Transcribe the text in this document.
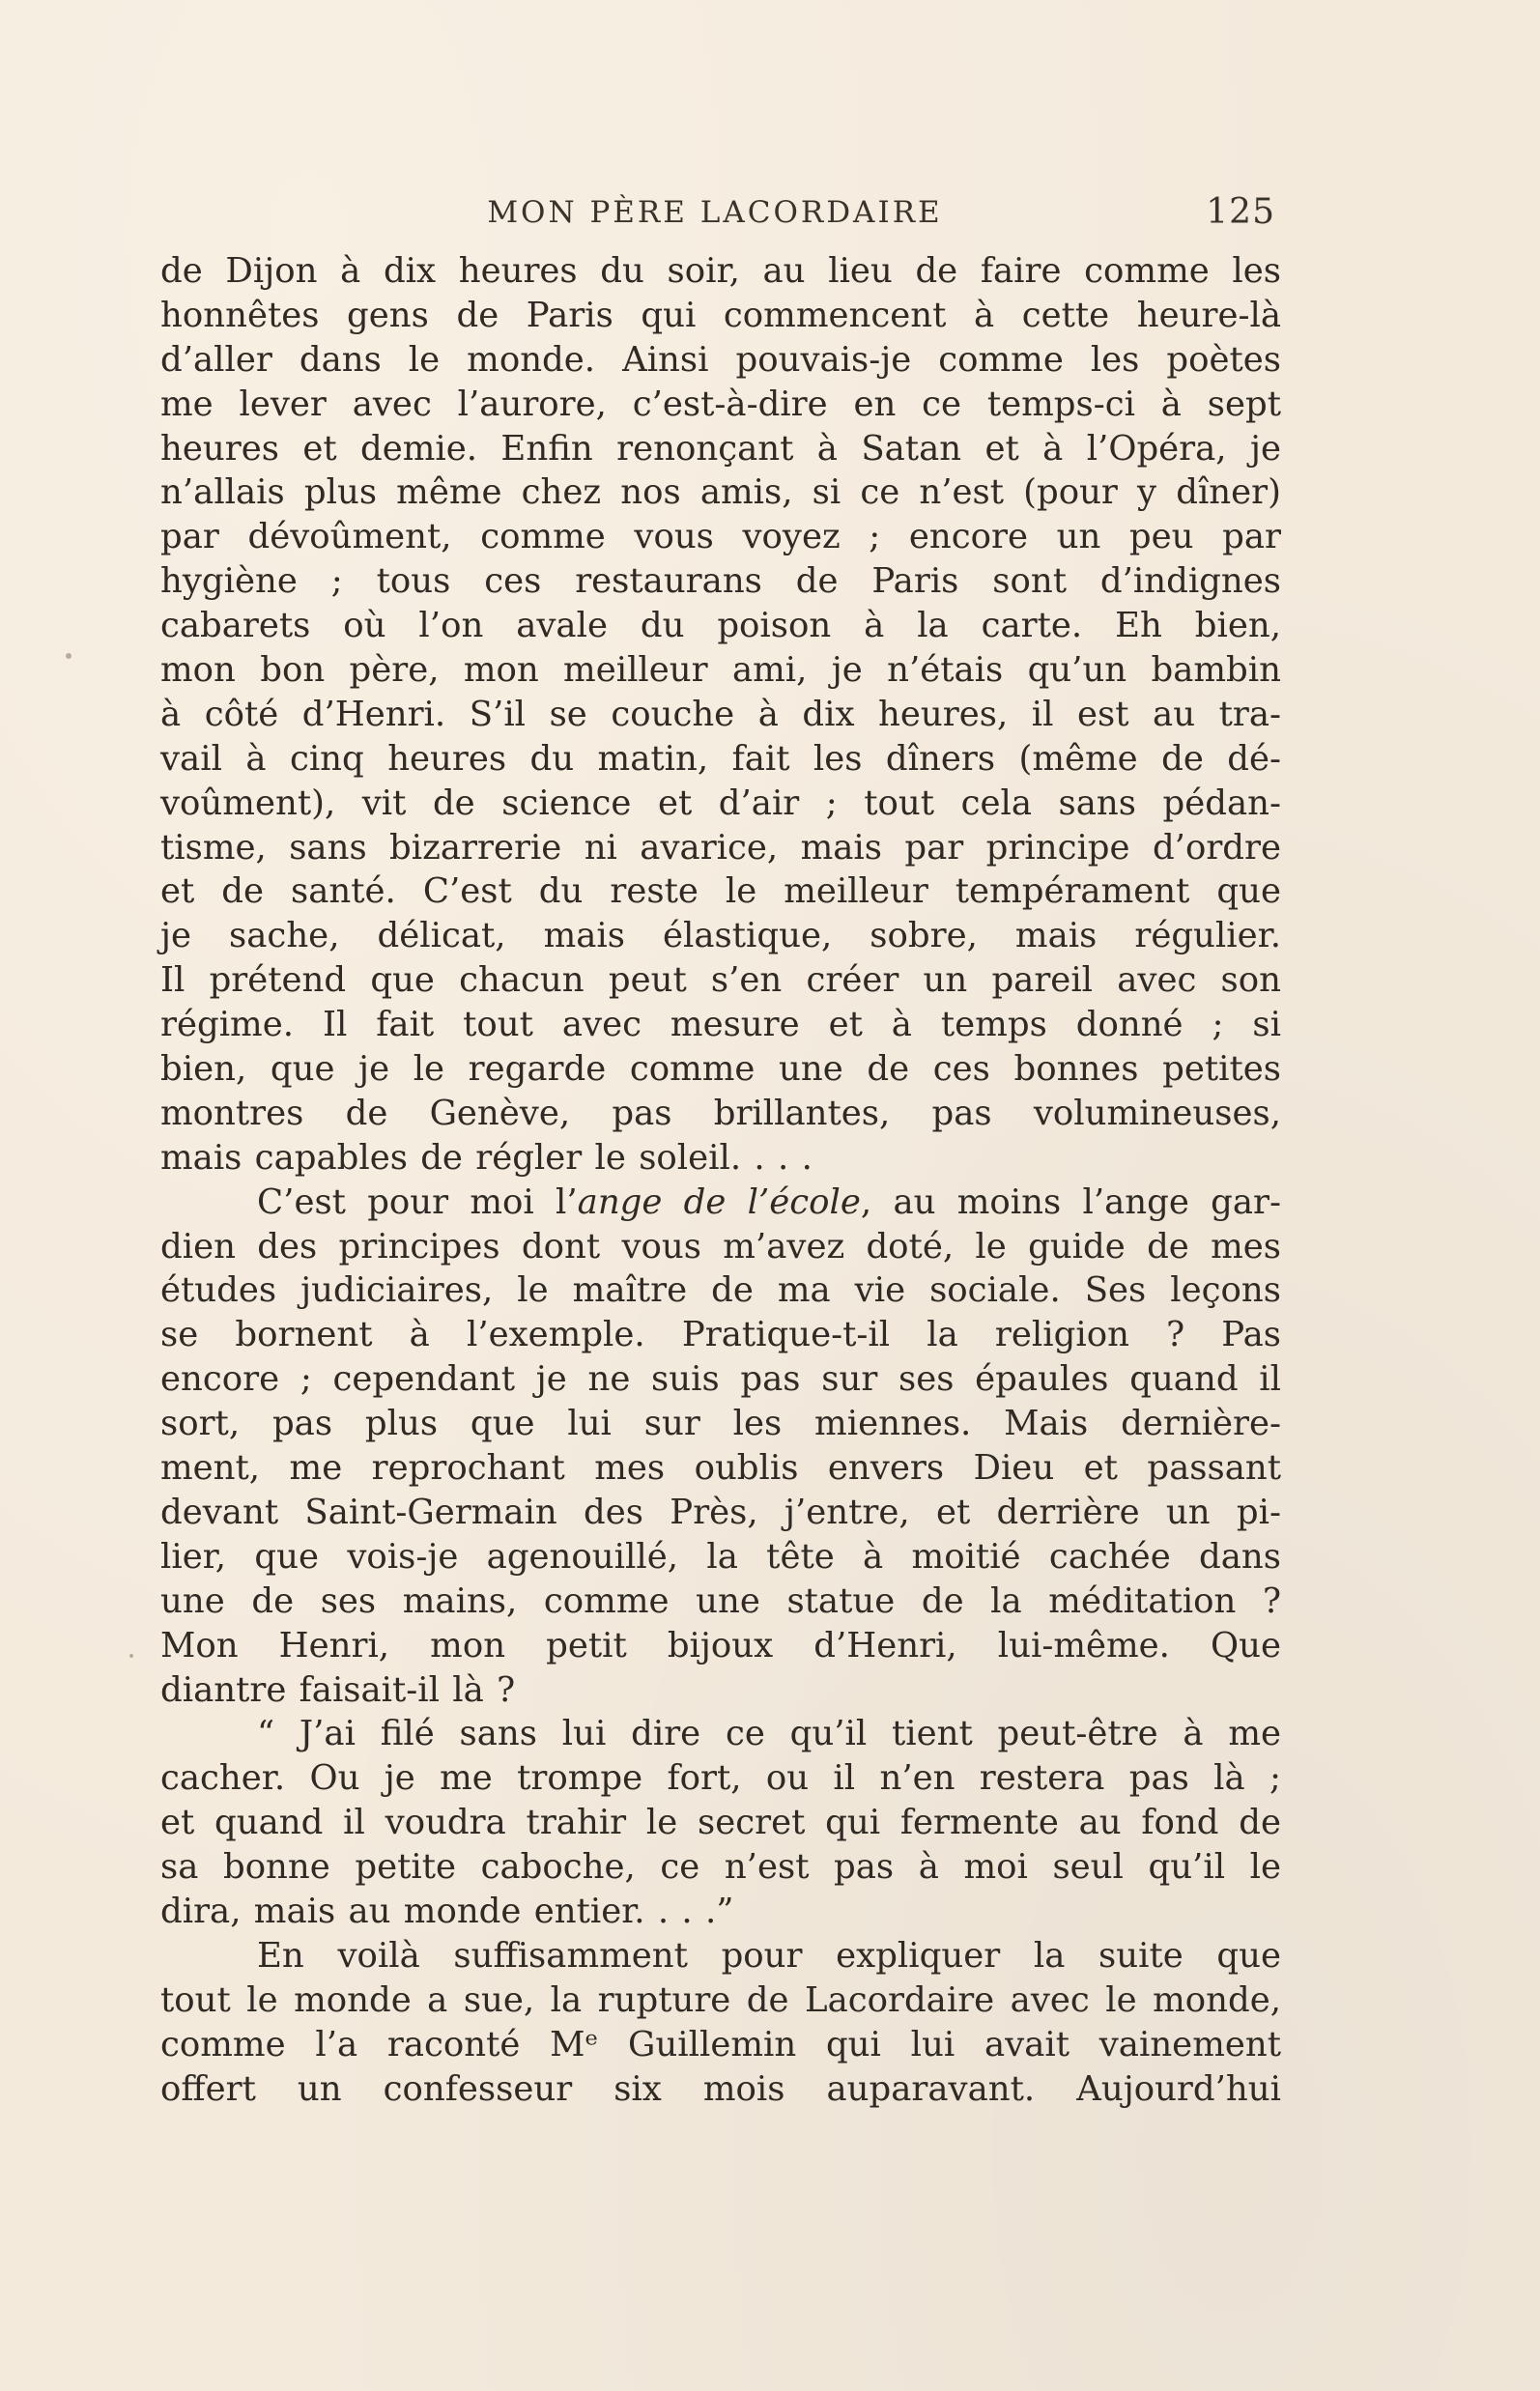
MON PÈRE LACORDAIRE	125
de Dijon à dix heures du soir, au lieu de faire comme les
honnêtes gens de Paris qui commencent à cette heure-là
d’aller dans le monde. Ainsi pouvais-je comme les poètes
me lever avec l’aurore, c’est-à-dire en ce temps-ci à sept
heures et demie. Enfin renonçant à Satan et à l’Opéra, je
n’allais plus même chez nos amis, si ce n’est (pour y dîner)
par dévoûment, comme vous voyez ; encore un peu par
hygiène ; tous ces restaurans de Paris sont d’indignes
cabarets où l’on avale du poison à la carte. Eh bien,
mon bon père, mon meilleur ami, je n’étais qu’un bambin
à côté d’Henri. S’il se couche à dix heures, il est au tra-
vail à cinq heures du matin, fait les dîners (même de dé-
voûment), vit de science et d’air ; tout cela sans pédan-
tisme, sans bizarrerie ni avarice, mais par principe d’ordre
et de santé. C’est du reste le meilleur tempérament que
je sache, délicat, mais élastique, sobre, mais régulier.
Il prétend que chacun peut s’en créer un pareil avec son
régime. Il fait tout avec mesure et à temps donné ; si
bien, que je le regarde comme une de ces bonnes petites
montres de Genève, pas brillantes, pas volumineuses,
mais capables de régler le soleil. . . .
C’est pour moi l’ange de l’école, au moins l’ange gar-
dien des principes dont vous m’avez doté, le guide de mes
études judiciaires, le maître de ma vie sociale. Ses leçons
se bornent à l’exemple. Pratique-t-il la religion ? Pas
encore ; cependant je ne suis pas sur ses épaules quand il
sort, pas plus que lui sur les miennes. Mais dernière-
ment, me reprochant mes oublis envers Dieu et passant
devant Saint-Germain des Près, j’entre, et derrière un pi-
lier, que vois-je agenouillé, la tête à moitié cachée dans
une de ses mains, comme une statue de la méditation ?
Mon Henri, mon petit bijoux d’Henri, lui-même. Que
diantre faisait-il là ?
“ J’ai filé sans lui dire ce qu’il tient peut-être à me
cacher. Ou je me trompe fort, ou il n’en restera pas là ;
et quand il voudra trahir le secret qui fermente au fond de
sa bonne petite caboche, ce n’est pas à moi seul qu’il le
dira, mais au monde entier. . . .”
En voilà suffisamment pour expliquer la suite que
tout le monde a sue, la rupture de Lacordaire avec le monde,
comme l’a raconté Mᵉ Guillemin qui lui avait vainement
offert un confesseur six mois auparavant. Aujourd’hui
